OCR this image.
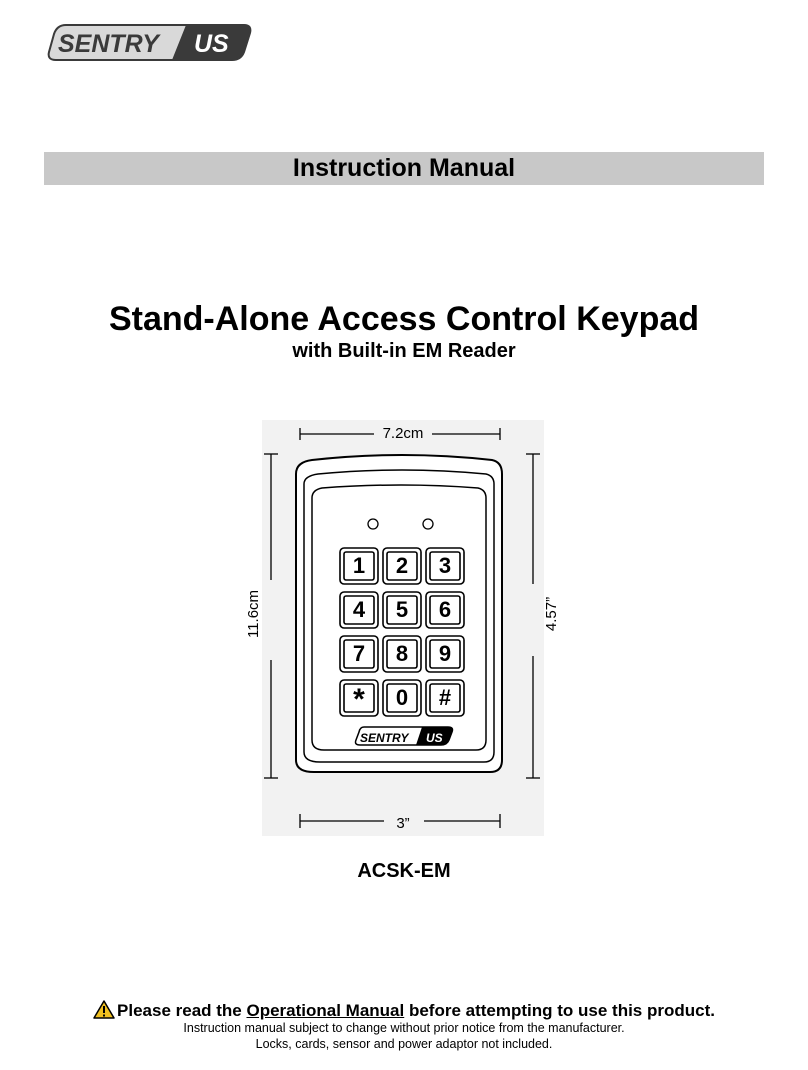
SENTRY US
Instruction Manual
Stand-Alone Access Control Keypad
with Built-in EM Reader
SENTRY US
7.2cm
3”
11.6cm	4.57”
1	2	3
4	5	6
7	8	9
*	0	#
ACSK-EM
Please read the Operational Manual before attempting to use this product.
Instruction manual subject to change without prior notice from the manufacturer.
Locks, cards, sensor and power adaptor not included.
